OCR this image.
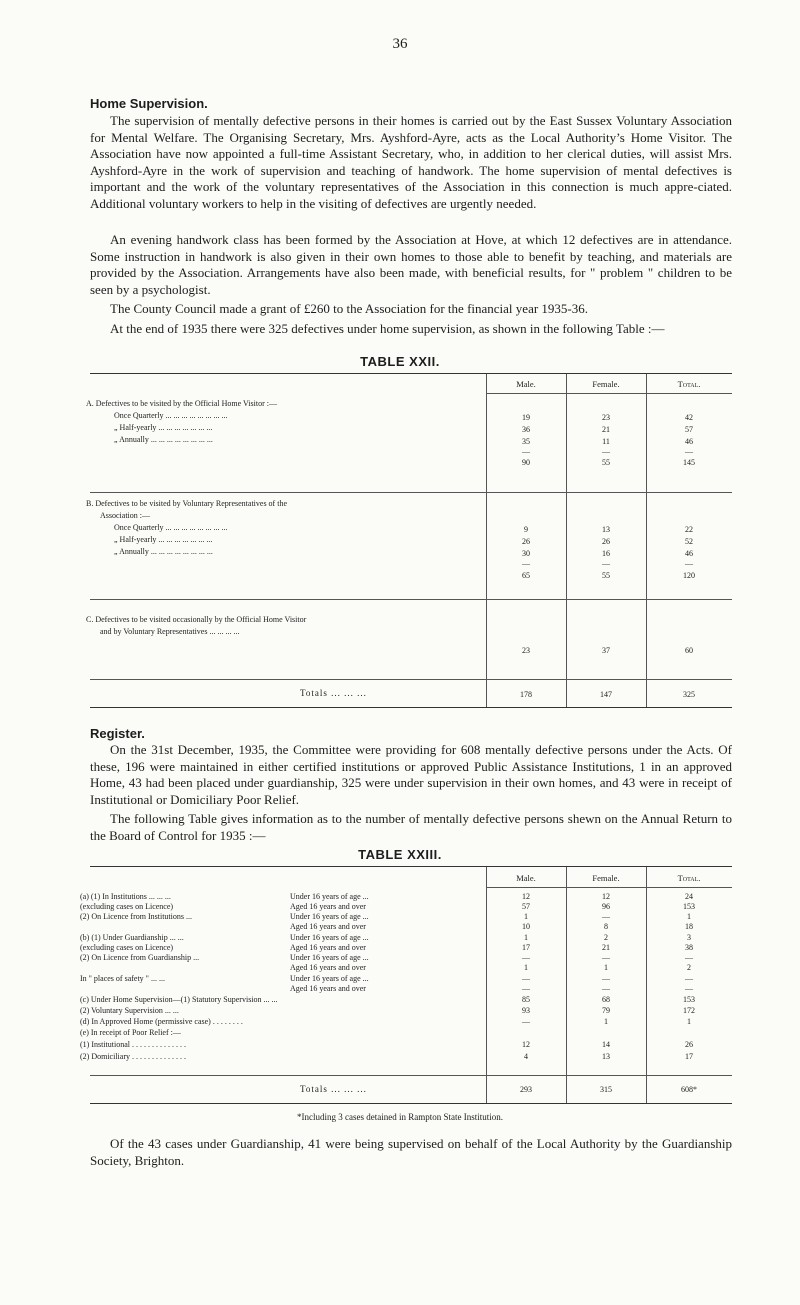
36
Home Supervision.

The supervision of mentally defective persons in their homes is carried out by the East Sussex Voluntary Association for Mental Welfare. The Organising Secretary, Mrs. Ayshford-Ayre, acts as the Local Authority’s Home Visitor. The Association have now appointed a full-time Assistant Secretary, who, in addition to her clerical duties, will assist Mrs. Ayshford-Ayre in the work of supervision and teaching of handwork. The home supervision of mental defectives is important and the work of the voluntary representatives of the Association in this connection is much appre-ciated. Additional voluntary workers to help in the visiting of defectives are urgently needed.

An evening handwork class has been formed by the Association at Hove, at which 12 defectives are in attendance. Some instruction in handwork is also given in their own homes to those able to benefit by teaching, and materials are provided by the Association. Arrangements have also been made, with beneficial results, for " problem " children to be seen by a psychologist.

The County Council made a grant of £260 to the Association for the financial year 1935-36.

At the end of 1935 there were 325 defectives under home supervision, as shown in the following Table :—

TABLE XXII.
Male.	Female.	Total.
A. Defectives to be visited by the Official Home Visitor :—
Once Quarterly ... ... ... ... ... ... ... ...	19	23	42
„ Half-yearly ... ... ... ... ... ... ...	36	21	57
„ Annually ... ... ... ... ... ... ... ...	35	11	46
—	—	—
90	55	145
B. Defectives to be visited by Voluntary Representatives of the
Association :—
Once Quarterly ... ... ... ... ... ... ... ...	9	13	22
„ Half-yearly ... ... ... ... ... ... ...	26	26	52
„ Annually ... ... ... ... ... ... ... ...	30	16	46
—	—	—
65	55	120
C. Defectives to be visited occasionally by the Official Home Visitor
and by Voluntary Representatives ... ... ... ...
23	37	60
Totals ... ... ...	178	147	325
Register.

On the 31st December, 1935, the Committee were providing for 608 mentally defective persons under the Acts. Of these, 196 were maintained in either certified institutions or approved Public Assistance Institutions, 1 in an approved Home, 43 had been placed under guardianship, 325 were under supervision in their own homes, and 43 were in receipt of Institutional or Domiciliary Poor Relief.

The following Table gives information as to the number of mentally defective persons shewn on the Annual Return to the Board of Control for 1935 :—

TABLE XXIII.
Male.	Female.	Total.
(a) (1) In Institutions ... ... ...	Under 16 years of age ...	12	12	24
(excluding cases on Licence)	Aged 16 years and over	57	96	153
(2) On Licence from Institutions ...	Under 16 years of age ...	1	—	1
Aged 16 years and over	10	8	18
(b) (1) Under Guardianship ... ...	Under 16 years of age ...	1	2	3
(excluding cases on Licence)	Aged 16 years and over	17	21	38
(2) On Licence from Guardianship ...	Under 16 years of age ...	—	—	—
Aged 16 years and over	1	1	2
In " places of safety " ... ...	Under 16 years of age ...	—	—	—
Aged 16 years and over	—	—	—
(c) Under Home Supervision—(1) Statutory Supervision ... ...	85	68	153
(2) Voluntary Supervision ... ...	93	79	172
(d) In Approved Home (permissive case) . . . . . . . .	—	1	1
(e) In receipt of Poor Relief :—
(1) Institutional . . . . . . . . . . . . . .	12	14	26
(2) Domiciliary . . . . . . . . . . . . . .	4	13	17
Totals ... ... ...	293	315	608*
*Including 3 cases detained in Rampton State Institution.

Of the 43 cases under Guardianship, 41 were being supervised on behalf of the Local Authority by the Guardianship Society, Brighton.
